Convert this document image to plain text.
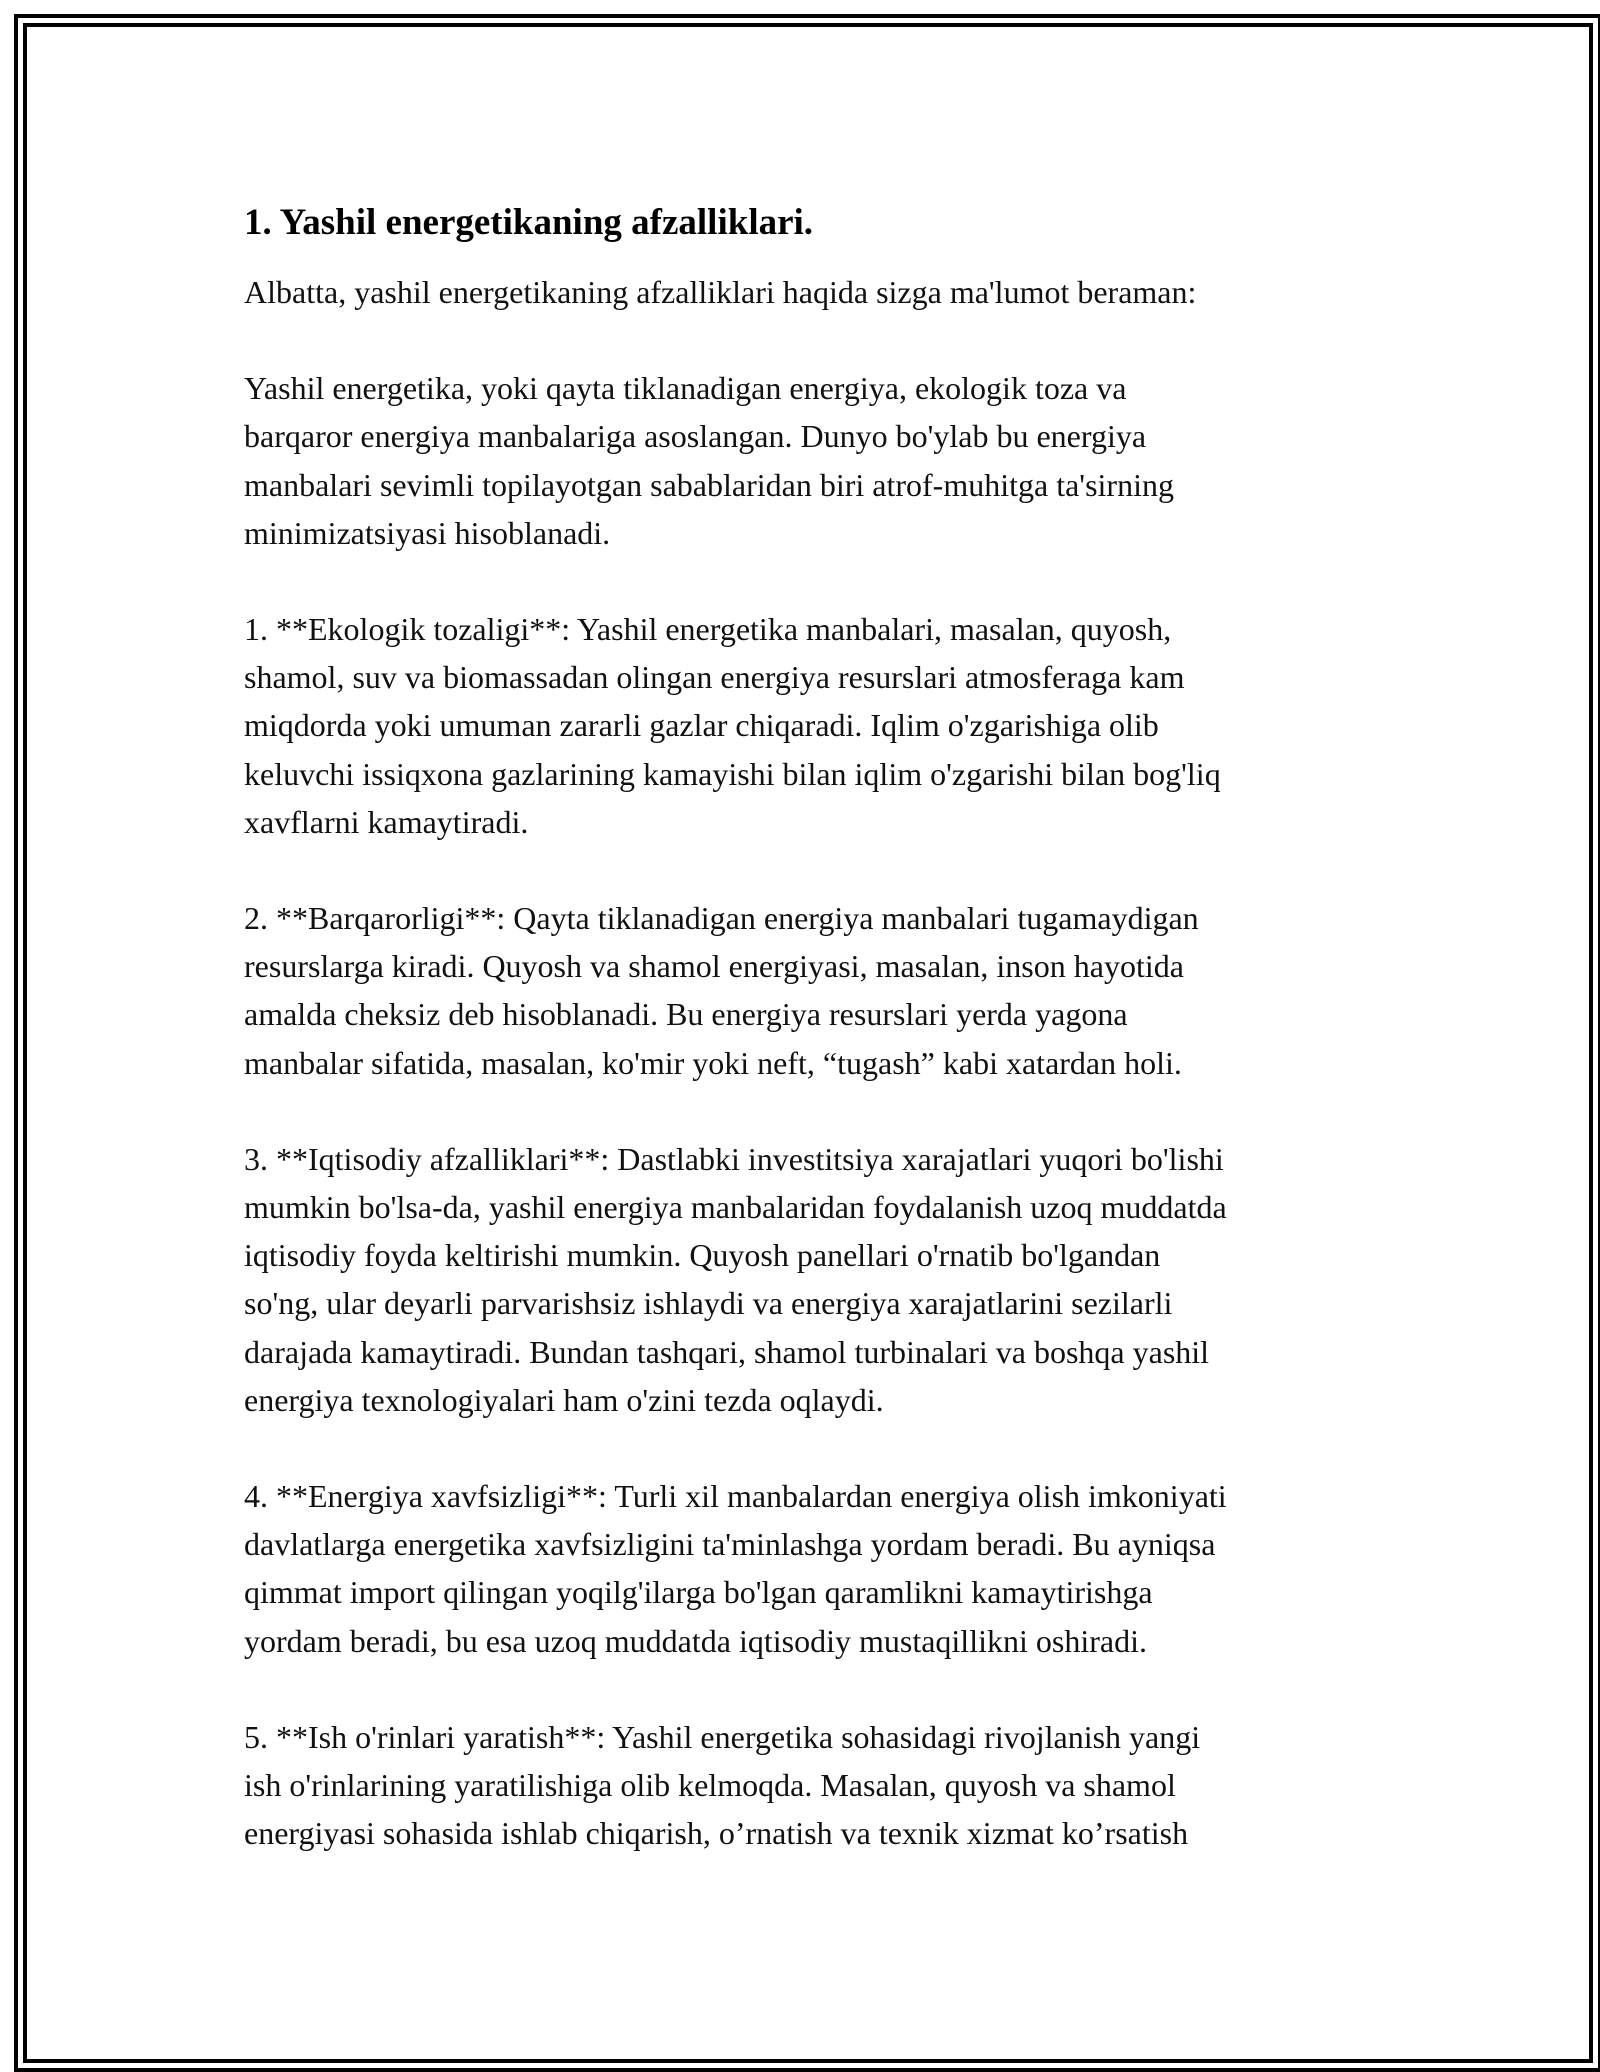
1. Yashil energetikaning afzalliklari.

Albatta, yashil energetikaning afzalliklari haqida sizga ma'lumot beraman:

Yashil energetika, yoki qayta tiklanadigan energiya, ekologik toza va
barqaror energiya manbalariga asoslangan. Dunyo bo'ylab bu energiya
manbalari sevimli topilayotgan sabablaridan biri atrof-muhitga ta'sirning
minimizatsiyasi hisoblanadi.

1. **Ekologik tozaligi**: Yashil energetika manbalari, masalan, quyosh,
shamol, suv va biomassadan olingan energiya resurslari atmosferaga kam
miqdorda yoki umuman zararli gazlar chiqaradi. Iqlim o'zgarishiga olib
keluvchi issiqxona gazlarining kamayishi bilan iqlim o'zgarishi bilan bog'liq
xavflarni kamaytiradi.

2. **Barqarorligi**: Qayta tiklanadigan energiya manbalari tugamaydigan
resurslarga kiradi. Quyosh va shamol energiyasi, masalan, inson hayotida
amalda cheksiz deb hisoblanadi. Bu energiya resurslari yerda yagona
manbalar sifatida, masalan, ko'mir yoki neft, “tugash” kabi xatardan holi.

3. **Iqtisodiy afzalliklari**: Dastlabki investitsiya xarajatlari yuqori bo'lishi
mumkin bo'lsa-da, yashil energiya manbalaridan foydalanish uzoq muddatda
iqtisodiy foyda keltirishi mumkin. Quyosh panellari o'rnatib bo'lgandan
so'ng, ular deyarli parvarishsiz ishlaydi va energiya xarajatlarini sezilarli
darajada kamaytiradi. Bundan tashqari, shamol turbinalari va boshqa yashil
energiya texnologiyalari ham o'zini tezda oqlaydi.

4. **Energiya xavfsizligi**: Turli xil manbalardan energiya olish imkoniyati
davlatlarga energetika xavfsizligini ta'minlashga yordam beradi. Bu ayniqsa
qimmat import qilingan yoqilg'ilarga bo'lgan qaramlikni kamaytirishga
yordam beradi, bu esa uzoq muddatda iqtisodiy mustaqillikni oshiradi.

5. **Ish o'rinlari yaratish**: Yashil energetika sohasidagi rivojlanish yangi
ish o'rinlarining yaratilishiga olib kelmoqda. Masalan, quyosh va shamol
energiyasi sohasida ishlab chiqarish, o’rnatish va texnik xizmat ko’rsatish
